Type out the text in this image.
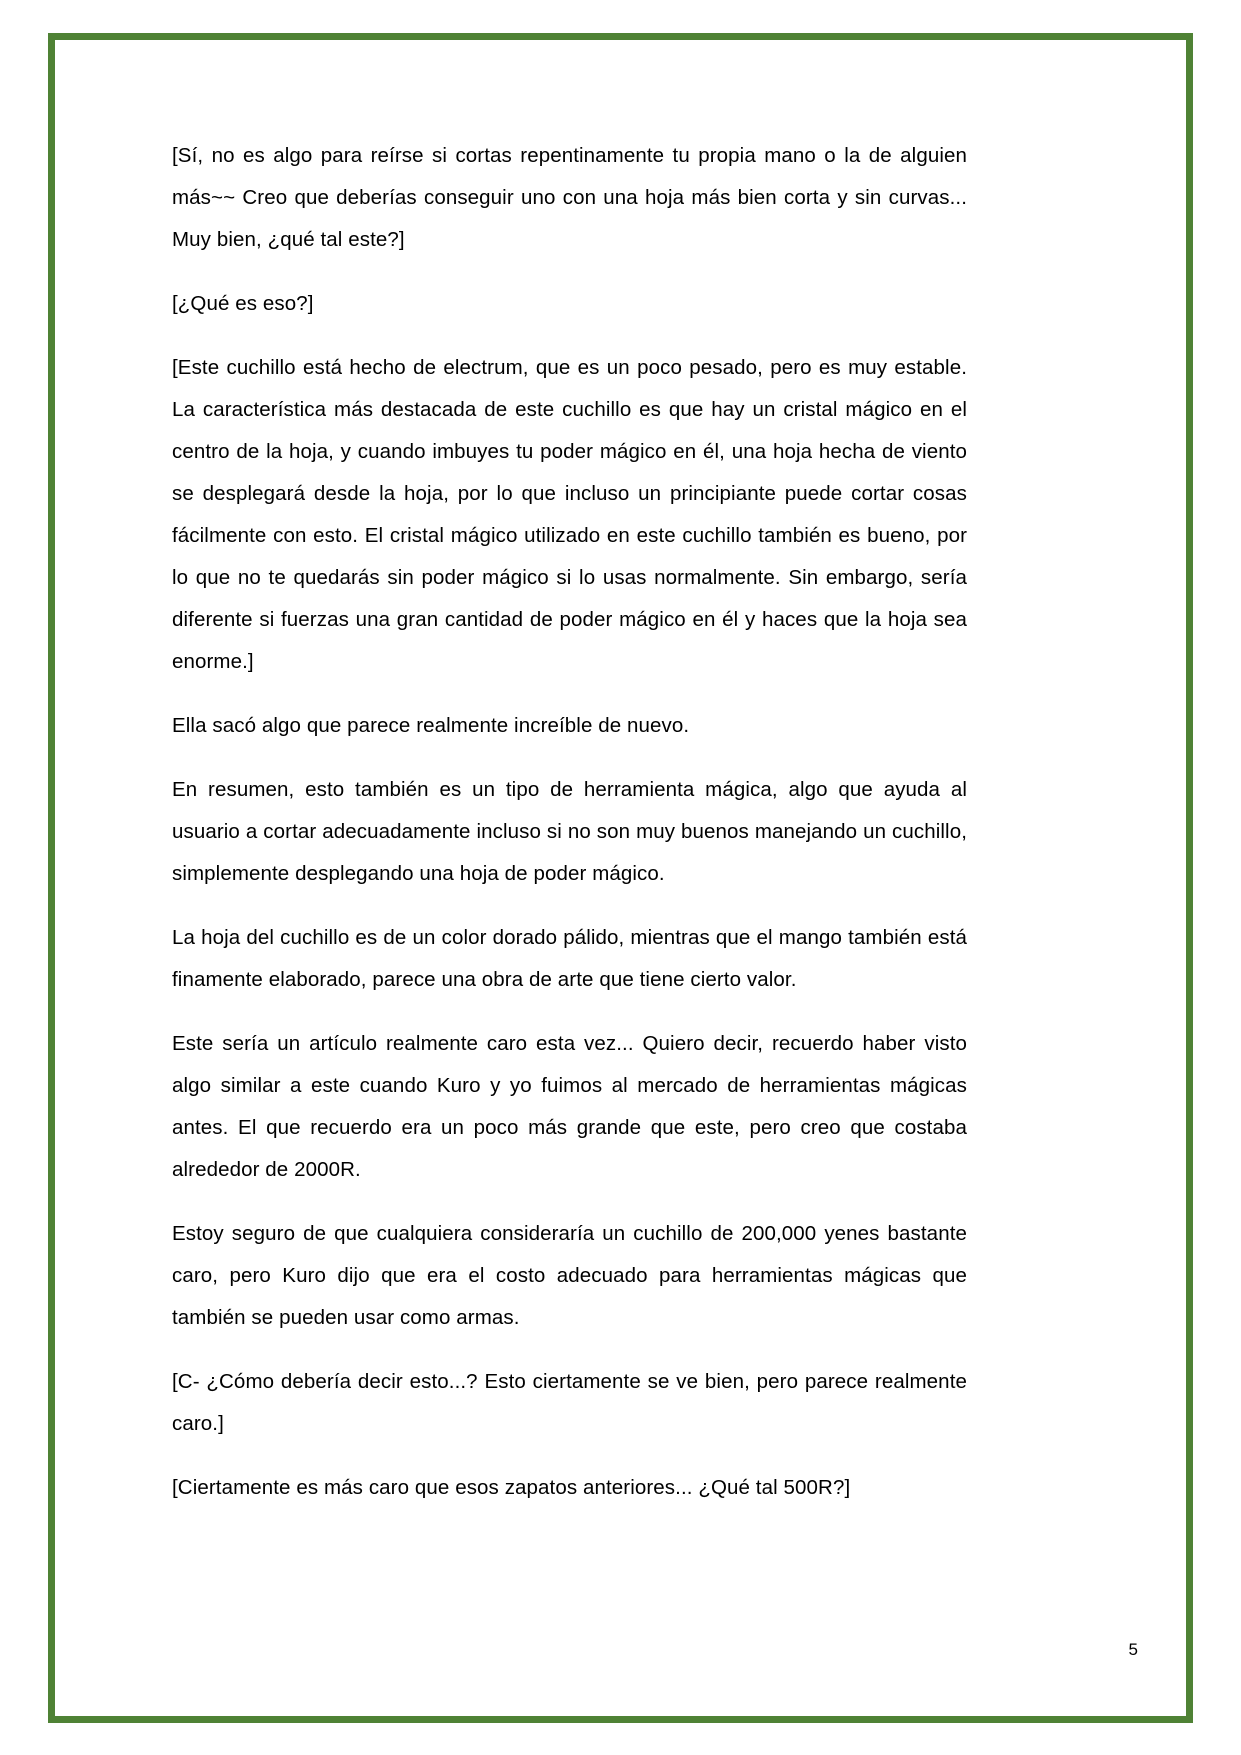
[Sí, no es algo para reírse si cortas repentinamente tu propia mano o la de alguien más~~ Creo que deberías conseguir uno con una hoja más bien corta y sin curvas... Muy bien, ¿qué tal este?]

[¿Qué es eso?]

[Este cuchillo está hecho de electrum, que es un poco pesado, pero es muy estable. La característica más destacada de este cuchillo es que hay un cristal mágico en el centro de la hoja, y cuando imbuyes tu poder mágico en él, una hoja hecha de viento se desplegará desde la hoja, por lo que incluso un principiante puede cortar cosas fácilmente con esto. El cristal mágico utilizado en este cuchillo también es bueno, por lo que no te quedarás sin poder mágico si lo usas normalmente. Sin embargo, sería diferente si fuerzas una gran cantidad de poder mágico en él y haces que la hoja sea enorme.]

Ella sacó algo que parece realmente increíble de nuevo.

En resumen, esto también es un tipo de herramienta mágica, algo que ayuda al usuario a cortar adecuadamente incluso si no son muy buenos manejando un cuchillo, simplemente desplegando una hoja de poder mágico.

La hoja del cuchillo es de un color dorado pálido, mientras que el mango también está finamente elaborado, parece una obra de arte que tiene cierto valor.

Este sería un artículo realmente caro esta vez... Quiero decir, recuerdo haber visto algo similar a este cuando Kuro y yo fuimos al mercado de herramientas mágicas antes. El que recuerdo era un poco más grande que este, pero creo que costaba alrededor de 2000R.

Estoy seguro de que cualquiera consideraría un cuchillo de 200,000 yenes bastante caro, pero Kuro dijo que era el costo adecuado para herramientas mágicas que también se pueden usar como armas.

[C- ¿Cómo debería decir esto...? Esto ciertamente se ve bien, pero parece realmente caro.]

[Ciertamente es más caro que esos zapatos anteriores... ¿Qué tal 500R?]

5
